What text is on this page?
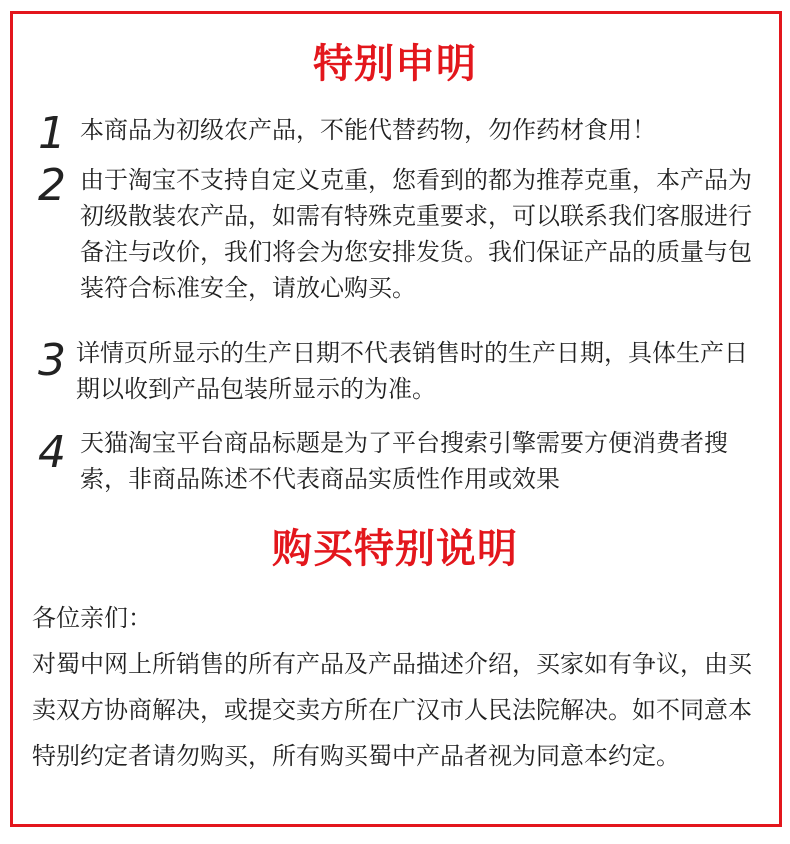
特别申明
1 本商品为初级农产品，不能代替药物，勿作药材食用！
2 由于淘宝不支持自定义克重，您看到的都为推荐克重，本产品为初级散装农产品，如需有特殊克重要求，可以联系我们客服进行备注与改价，我们将会为您安排发货。我们保证产品的质量与包装符合标准安全，请放心购买。
3 详情页所显示的生产日期不代表销售时的生产日期，具体生产日期以收到产品包装所显示的为准。
4 天猫淘宝平台商品标题是为了平台搜索引擎需要方便消费者搜索，非商品陈述不代表商品实质性作用或效果
购买特别说明
各位亲们：
对蜀中网上所销售的所有产品及产品描述介绍，买家如有争议，由买卖双方协商解决，或提交卖方所在广汉市人民法院解决。如不同意本特别约定者请勿购买，所有购买蜀中产品者视为同意本约定。
